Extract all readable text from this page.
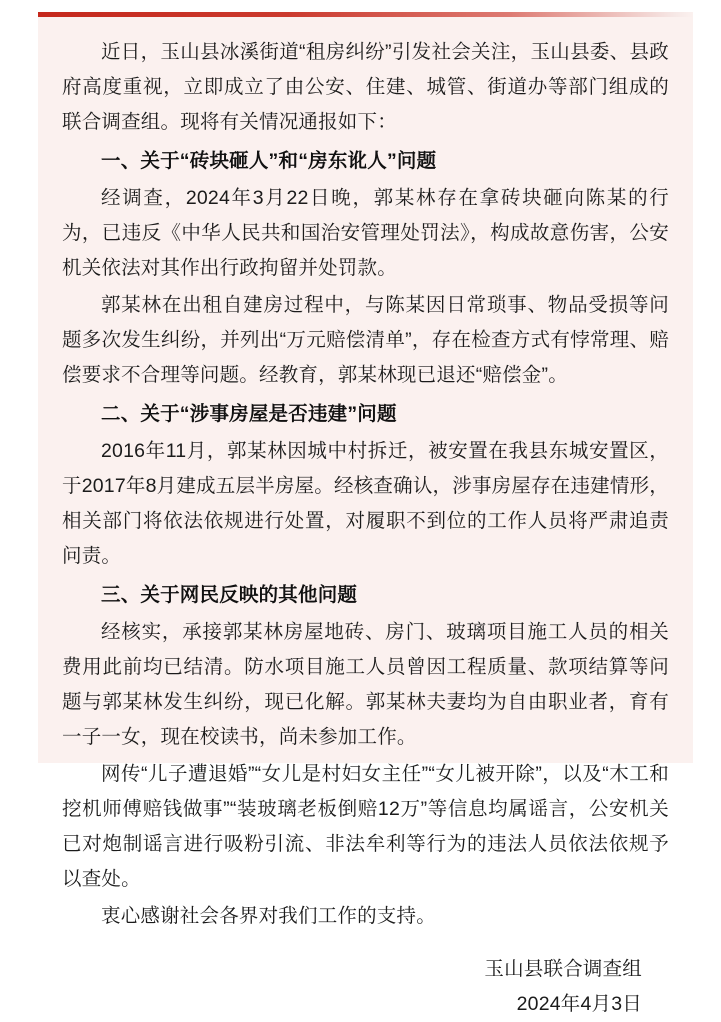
近日，玉山县冰溪街道“租房纠纷”引发社会关注，玉山县委、县政府高度重视，立即成立了由公安、住建、城管、街道办等部门组成的联合调查组。现将有关情况通报如下：

一、关于“砖块砸人”和“房东讹人”问题

经调查，2024年3月22日晚，郭某林存在拿砖块砸向陈某的行为，已违反《中华人民共和国治安管理处罚法》，构成故意伤害，公安机关依法对其作出行政拘留并处罚款。

郭某林在出租自建房过程中，与陈某因日常琐事、物品受损等问题多次发生纠纷，并列出“万元赔偿清单”，存在检查方式有悖常理、赔偿要求不合理等问题。经教育，郭某林现已退还“赔偿金”。

二、关于“涉事房屋是否违建”问题

2016年11月，郭某林因城中村拆迁，被安置在我县东城安置区，于2017年8月建成五层半房屋。经核查确认，涉事房屋存在违建情形，相关部门将依法依规进行处置，对履职不到位的工作人员将严肃追责问责。

三、关于网民反映的其他问题

经核实，承接郭某林房屋地砖、房门、玻璃项目施工人员的相关费用此前均已结清。防水项目施工人员曾因工程质量、款项结算等问题与郭某林发生纠纷，现已化解。郭某林夫妻均为自由职业者，育有一子一女，现在校读书，尚未参加工作。

网传“儿子遭退婚”“女儿是村妇女主任”“女儿被开除”，以及“木工和挖机师傅赔钱做事”“装玻璃老板倒赔12万”等信息均属谣言，公安机关已对炮制谣言进行吸粉引流、非法牟利等行为的违法人员依法依规予以查处。

衷心感谢社会各界对我们工作的支持。

玉山县联合调查组
2024年4月3日
